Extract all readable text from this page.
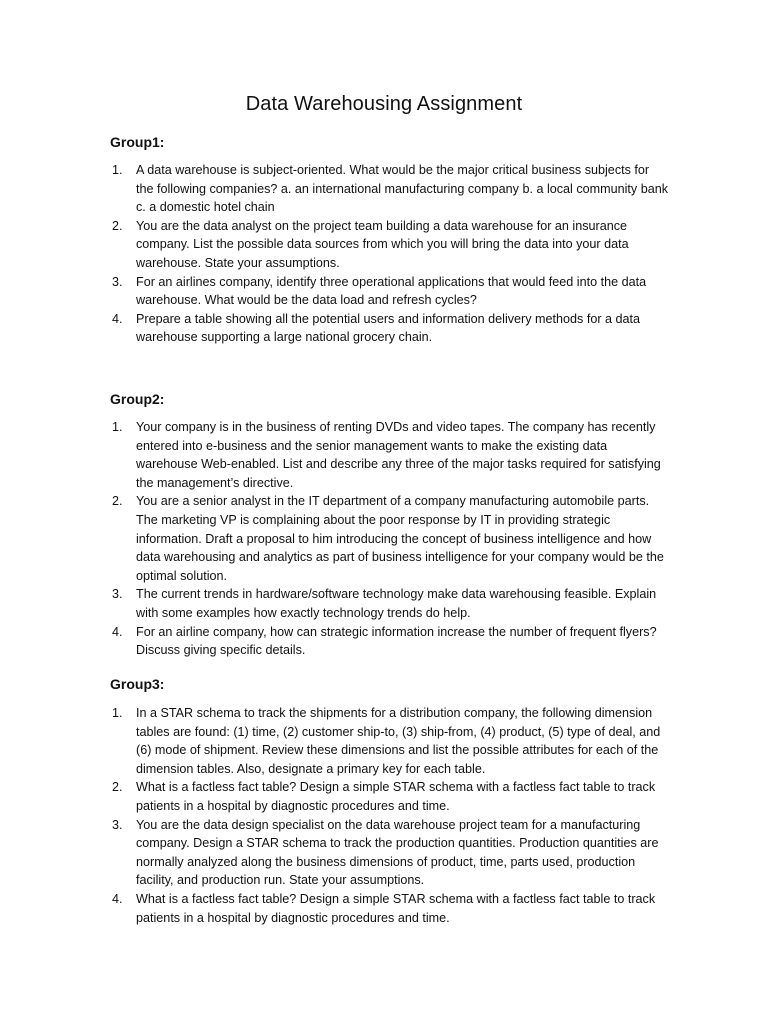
Data Warehousing Assignment
Group1:
1. A data warehouse is subject-oriented. What would be the major critical business subjects for the following companies? a. an international manufacturing company b. a local community bank c. a domestic hotel chain
2. You are the data analyst on the project team building a data warehouse for an insurance company. List the possible data sources from which you will bring the data into your data warehouse. State your assumptions.
3. For an airlines company, identify three operational applications that would feed into the data warehouse. What would be the data load and refresh cycles?
4. Prepare a table showing all the potential users and information delivery methods for a data warehouse supporting a large national grocery chain.
Group2:
1. Your company is in the business of renting DVDs and video tapes. The company has recently entered into e-business and the senior management wants to make the existing data warehouse Web-enabled. List and describe any three of the major tasks required for satisfying the management’s directive.
2. You are a senior analyst in the IT department of a company manufacturing automobile parts. The marketing VP is complaining about the poor response by IT in providing strategic information. Draft a proposal to him introducing the concept of business intelligence and how data warehousing and analytics as part of business intelligence for your company would be the optimal solution.
3. The current trends in hardware/software technology make data warehousing feasible. Explain with some examples how exactly technology trends do help.
4. For an airline company, how can strategic information increase the number of frequent flyers? Discuss giving specific details.
Group3:
1. In a STAR schema to track the shipments for a distribution company, the following dimension tables are found: (1) time, (2) customer ship-to, (3) ship-from, (4) product, (5) type of deal, and (6) mode of shipment. Review these dimensions and list the possible attributes for each of the dimension tables. Also, designate a primary key for each table.
2. What is a factless fact table? Design a simple STAR schema with a factless fact table to track patients in a hospital by diagnostic procedures and time.
3. You are the data design specialist on the data warehouse project team for a manufacturing company. Design a STAR schema to track the production quantities. Production quantities are normally analyzed along the business dimensions of product, time, parts used, production facility, and production run. State your assumptions.
4. What is a factless fact table? Design a simple STAR schema with a factless fact table to track patients in a hospital by diagnostic procedures and time.
